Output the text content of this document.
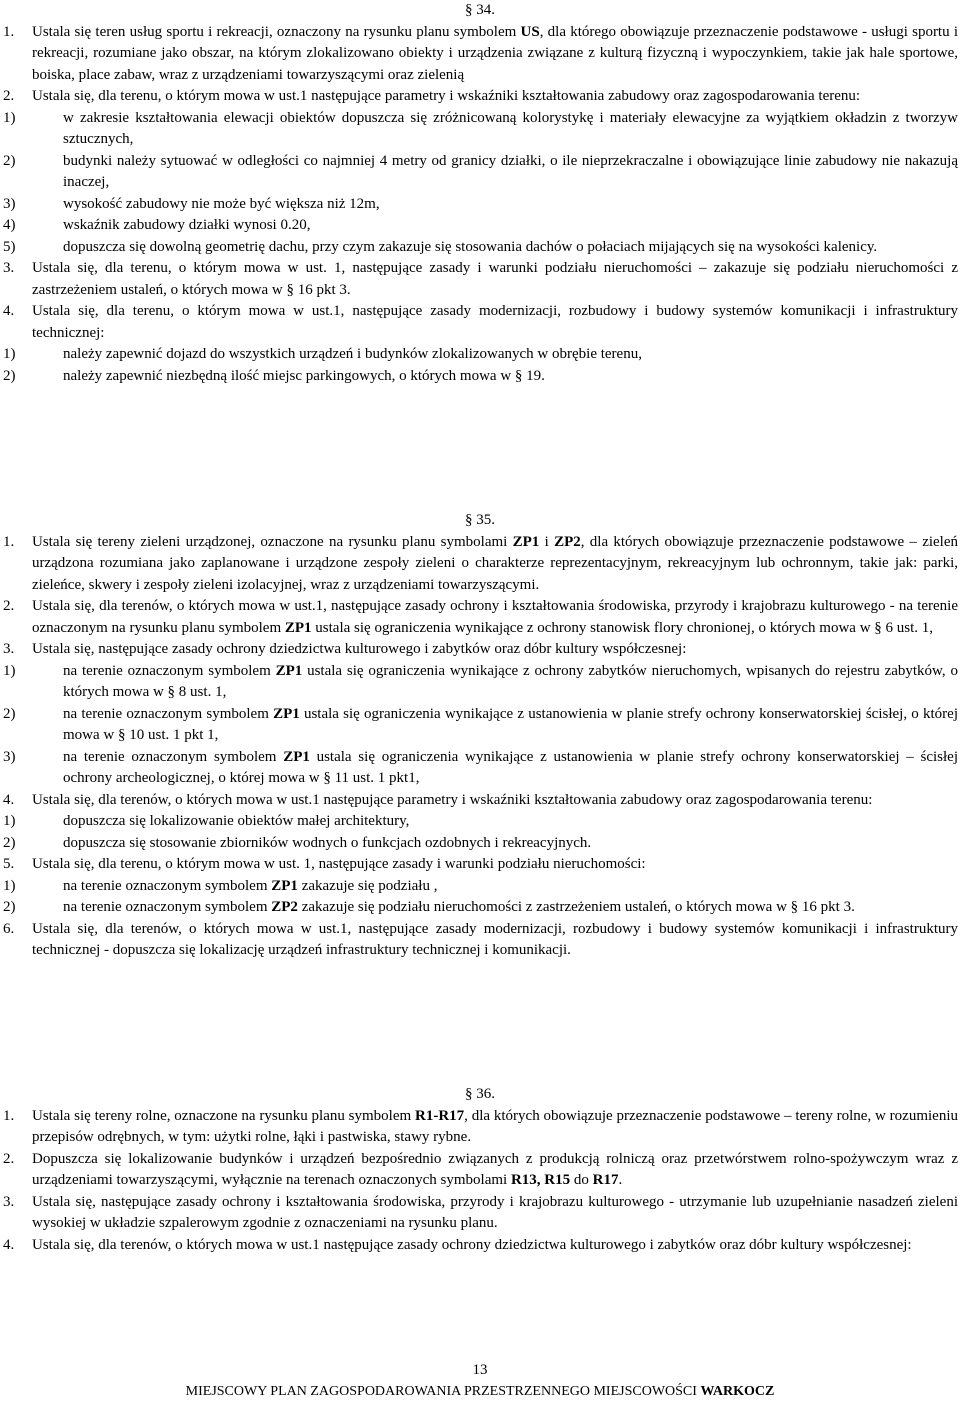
§ 34.
1. Ustala się teren usług sportu i rekreacji, oznaczony na rysunku planu symbolem US, dla którego obowiązuje przeznaczenie podstawowe - usługi sportu i rekreacji, rozumiane jako obszar, na którym zlokalizowano obiekty i urządzenia związane z kulturą fizyczną i wypoczynkiem, takie jak hale sportowe, boiska, place zabaw, wraz z urządzeniami towarzyszącymi oraz zielenią
2. Ustala się, dla terenu, o którym mowa w ust.1 następujące parametry i wskaźniki kształtowania zabudowy oraz zagospodarowania terenu:
1)	w zakresie kształtowania elewacji obiektów dopuszcza się zróżnicowaną kolorystykę i materiały elewacyjne za wyjątkiem okładzin z tworzyw sztucznych,
2)	budynki należy sytuować w odległości co najmniej 4 metry od granicy działki, o ile nieprzekraczalne i obowiązujące linie zabudowy nie nakazują inaczej,
3)	wysokość zabudowy nie może być większa niż 12m,
4)	wskaźnik zabudowy działki wynosi 0.20,
5)	dopuszcza się dowolną geometrię dachu, przy czym zakazuje się stosowania dachów o połaciach mijających się na wysokości kalenicy.
3. Ustala się, dla terenu, o którym mowa w ust. 1, następujące zasady i warunki podziału nieruchomości – zakazuje się podziału nieruchomości z zastrzeżeniem ustaleń, o których mowa w § 16 pkt 3.
4. Ustala się, dla terenu, o którym mowa w ust.1, następujące zasady modernizacji, rozbudowy i budowy systemów komunikacji i infrastruktury technicznej:
1)	należy zapewnić dojazd do wszystkich urządzeń i budynków zlokalizowanych w obrębie terenu,
2)	należy zapewnić niezbędną ilość miejsc parkingowych, o których mowa w § 19.
§ 35.
1. Ustala się tereny zieleni urządzonej, oznaczone na rysunku planu symbolami ZP1 i ZP2, dla których obowiązuje przeznaczenie podstawowe – zieleń urządzona rozumiana jako zaplanowane i urządzone zespoły zieleni o charakterze reprezentacyjnym, rekreacyjnym lub ochronnym, takie jak: parki, zieleńce, skwery i zespoły zieleni izolacyjnej, wraz z urządzeniami towarzyszącymi.
2. Ustala się, dla terenów, o których mowa w ust.1, następujące zasady ochrony i kształtowania środowiska, przyrody i krajobrazu kulturowego - na terenie oznaczonym na rysunku planu symbolem ZP1 ustala się ograniczenia wynikające z ochrony stanowisk flory chronionej, o których mowa w § 6 ust. 1,
3. Ustala się, następujące zasady ochrony dziedzictwa kulturowego i zabytków oraz dóbr kultury współczesnej:
1)	na terenie oznaczonym symbolem ZP1 ustala się ograniczenia wynikające z ochrony zabytków nieruchomych, wpisanych do rejestru zabytków, o których mowa w § 8 ust. 1,
2)	na terenie oznaczonym symbolem ZP1 ustala się ograniczenia wynikające z ustanowienia w planie strefy ochrony konserwatorskiej ścisłej, o której mowa w § 10 ust. 1 pkt 1,
3)	na terenie oznaczonym symbolem ZP1 ustala się ograniczenia wynikające z ustanowienia w planie strefy ochrony konserwatorskiej – ścisłej ochrony archeologicznej, o której mowa w § 11 ust. 1 pkt1,
4. Ustala się, dla terenów, o których mowa w ust.1 następujące parametry i wskaźniki kształtowania zabudowy oraz zagospodarowania terenu:
1)	dopuszcza się lokalizowanie obiektów małej architektury,
2)	dopuszcza się stosowanie zbiorników wodnych o funkcjach ozdobnych i rekreacyjnych.
5. Ustala się, dla terenu, o którym mowa w ust. 1, następujące zasady i warunki podziału nieruchomości:
1)	na terenie oznaczonym symbolem ZP1 zakazuje się podziału ,
2)	na terenie oznaczonym symbolem ZP2 zakazuje się podziału nieruchomości z zastrzeżeniem ustaleń, o których mowa w § 16 pkt 3.
6. Ustala się, dla terenów, o których mowa w ust.1, następujące zasady modernizacji, rozbudowy i budowy systemów komunikacji i infrastruktury technicznej - dopuszcza się lokalizację urządzeń infrastruktury technicznej i komunikacji.
§ 36.
1. Ustala się tereny rolne, oznaczone na rysunku planu symbolem R1-R17, dla których obowiązuje przeznaczenie podstawowe – tereny rolne, w rozumieniu przepisów odrębnych, w tym: użytki rolne, łąki i pastwiska, stawy rybne.
2. Dopuszcza się lokalizowanie budynków i urządzeń bezpośrednio związanych z produkcją rolniczą oraz przetwórstwem rolno-spożywczym wraz z urządzeniami towarzyszącymi, wyłącznie na terenach oznaczonych symbolami R13, R15 do R17.
3. Ustala się, następujące zasady ochrony i kształtowania środowiska, przyrody i krajobrazu kulturowego - utrzymanie lub uzupełnianie nasadzeń zieleni wysokiej w układzie szpalerowym zgodnie z oznaczeniami na rysunku planu.
4. Ustala się, dla terenów, o których mowa w ust.1 następujące zasady ochrony dziedzictwa kulturowego i zabytków oraz dóbr kultury współczesnej:
13
MIEJSCOWY PLAN ZAGOSPODAROWANIA PRZESTRZENNEGO MIEJSCOWOŚCI WARKOCZ
